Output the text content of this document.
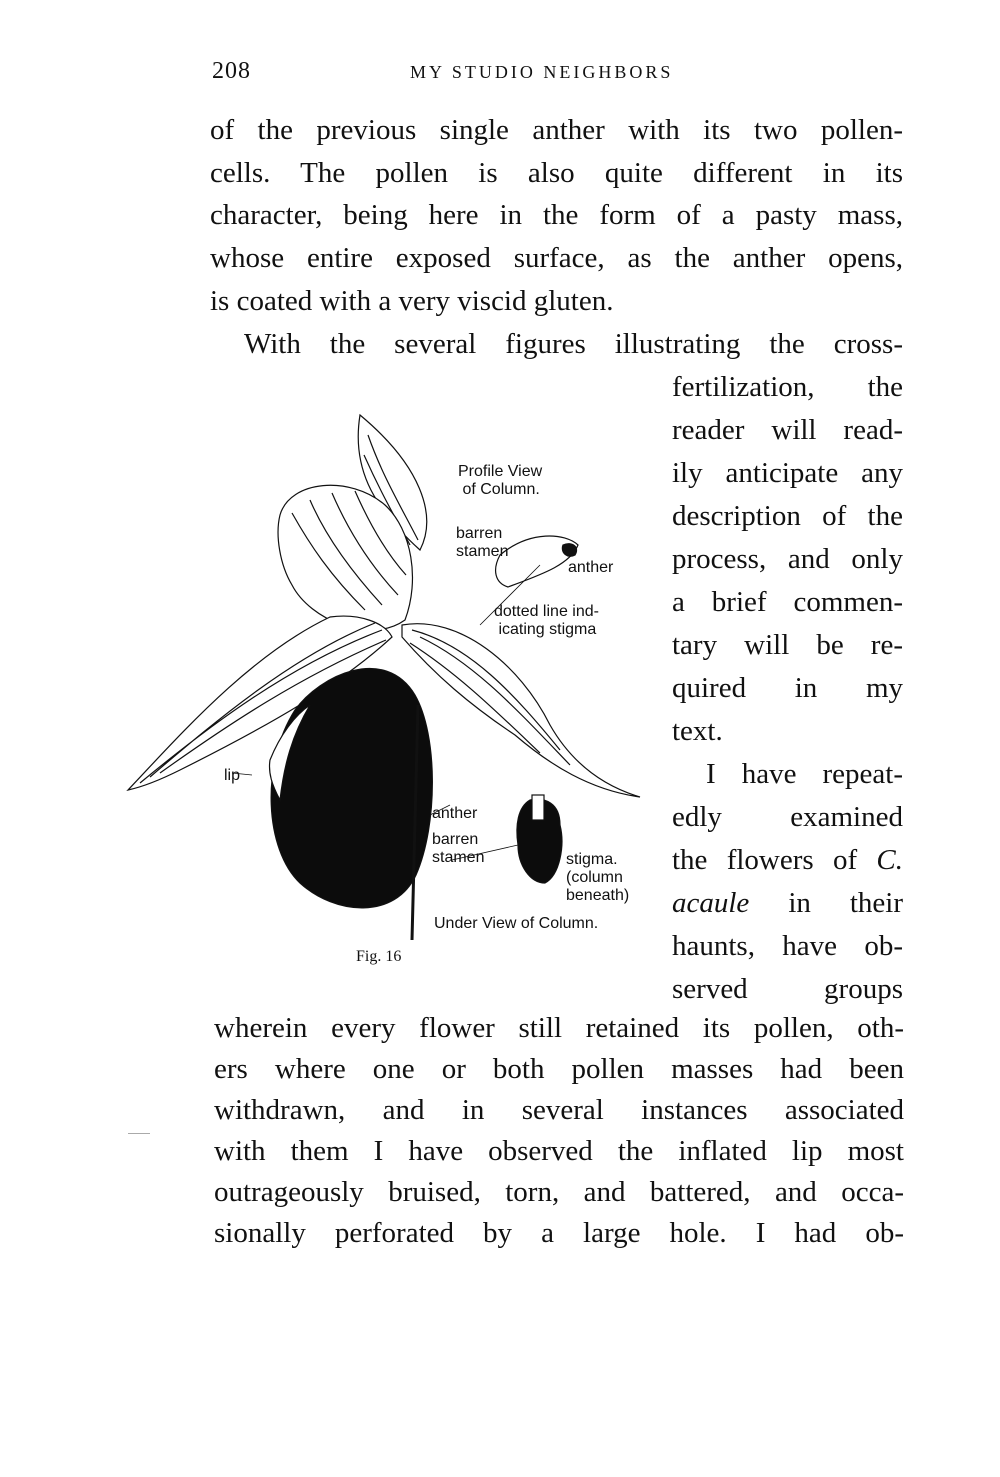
208	MY STUDIO NEIGHBORS
of the previous single anther with its two pollen-
cells. The pollen is also quite different in its
character, being here in the form of a pasty mass,
whose entire exposed surface, as the anther opens,
is coated with a very viscid gluten.
With the several figures illustrating the cross-
fertilization, the
reader will read-
ily anticipate any
description of the
process, and only
a brief commen-
tary will be re-
quired in my
text.
I have repeat-
edly examined
the flowers of C.
acaule in their
haunts, have ob-
served groups
wherein every flower still retained its pollen, oth-
ers where one or both pollen masses had been
withdrawn, and in several instances associated
with them I have observed the inflated lip most
outrageously bruised, torn, and battered, and occa-
sionally perforated by a large hole. I had ob-
Profile View
of Column.
barren
stamen
anther
dotted line ind-
icating stigma
lip
anther
barren
stamen	stigma.
(column
beneath)
Under View of Column.
Fig. 16
